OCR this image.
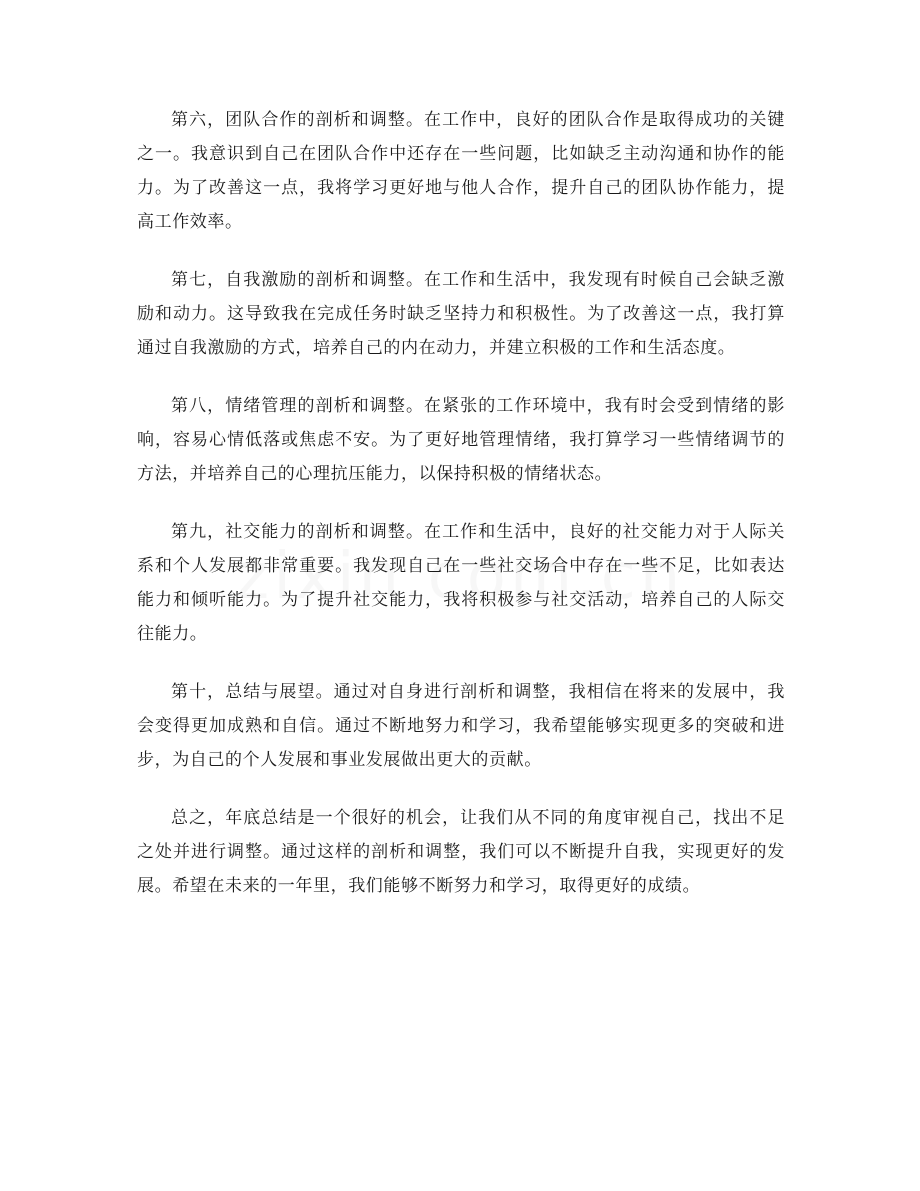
第六，团队合作的剖析和调整。在工作中，良好的团队合作是取得成功的关键之一。我意识到自己在团队合作中还存在一些问题，比如缺乏主动沟通和协作的能力。为了改善这一点，我将学习更好地与他人合作，提升自己的团队协作能力，提高工作效率。

第七，自我激励的剖析和调整。在工作和生活中，我发现有时候自己会缺乏激励和动力。这导致我在完成任务时缺乏坚持力和积极性。为了改善这一点，我打算通过自我激励的方式，培养自己的内在动力，并建立积极的工作和生活态度。

第八，情绪管理的剖析和调整。在紧张的工作环境中，我有时会受到情绪的影响，容易心情低落或焦虑不安。为了更好地管理情绪，我打算学习一些情绪调节的方法，并培养自己的心理抗压能力，以保持积极的情绪状态。

第九，社交能力的剖析和调整。在工作和生活中，良好的社交能力对于人际关系和个人发展都非常重要。我发现自己在一些社交场合中存在一些不足，比如表达能力和倾听能力。为了提升社交能力，我将积极参与社交活动，培养自己的人际交往能力。

第十，总结与展望。通过对自身进行剖析和调整，我相信在将来的发展中，我会变得更加成熟和自信。通过不断地努力和学习，我希望能够实现更多的突破和进步，为自己的个人发展和事业发展做出更大的贡献。

总之，年底总结是一个很好的机会，让我们从不同的角度审视自己，找出不足之处并进行调整。通过这样的剖析和调整，我们可以不断提升自我，实现更好的发展。希望在未来的一年里，我们能够不断努力和学习，取得更好的成绩。
